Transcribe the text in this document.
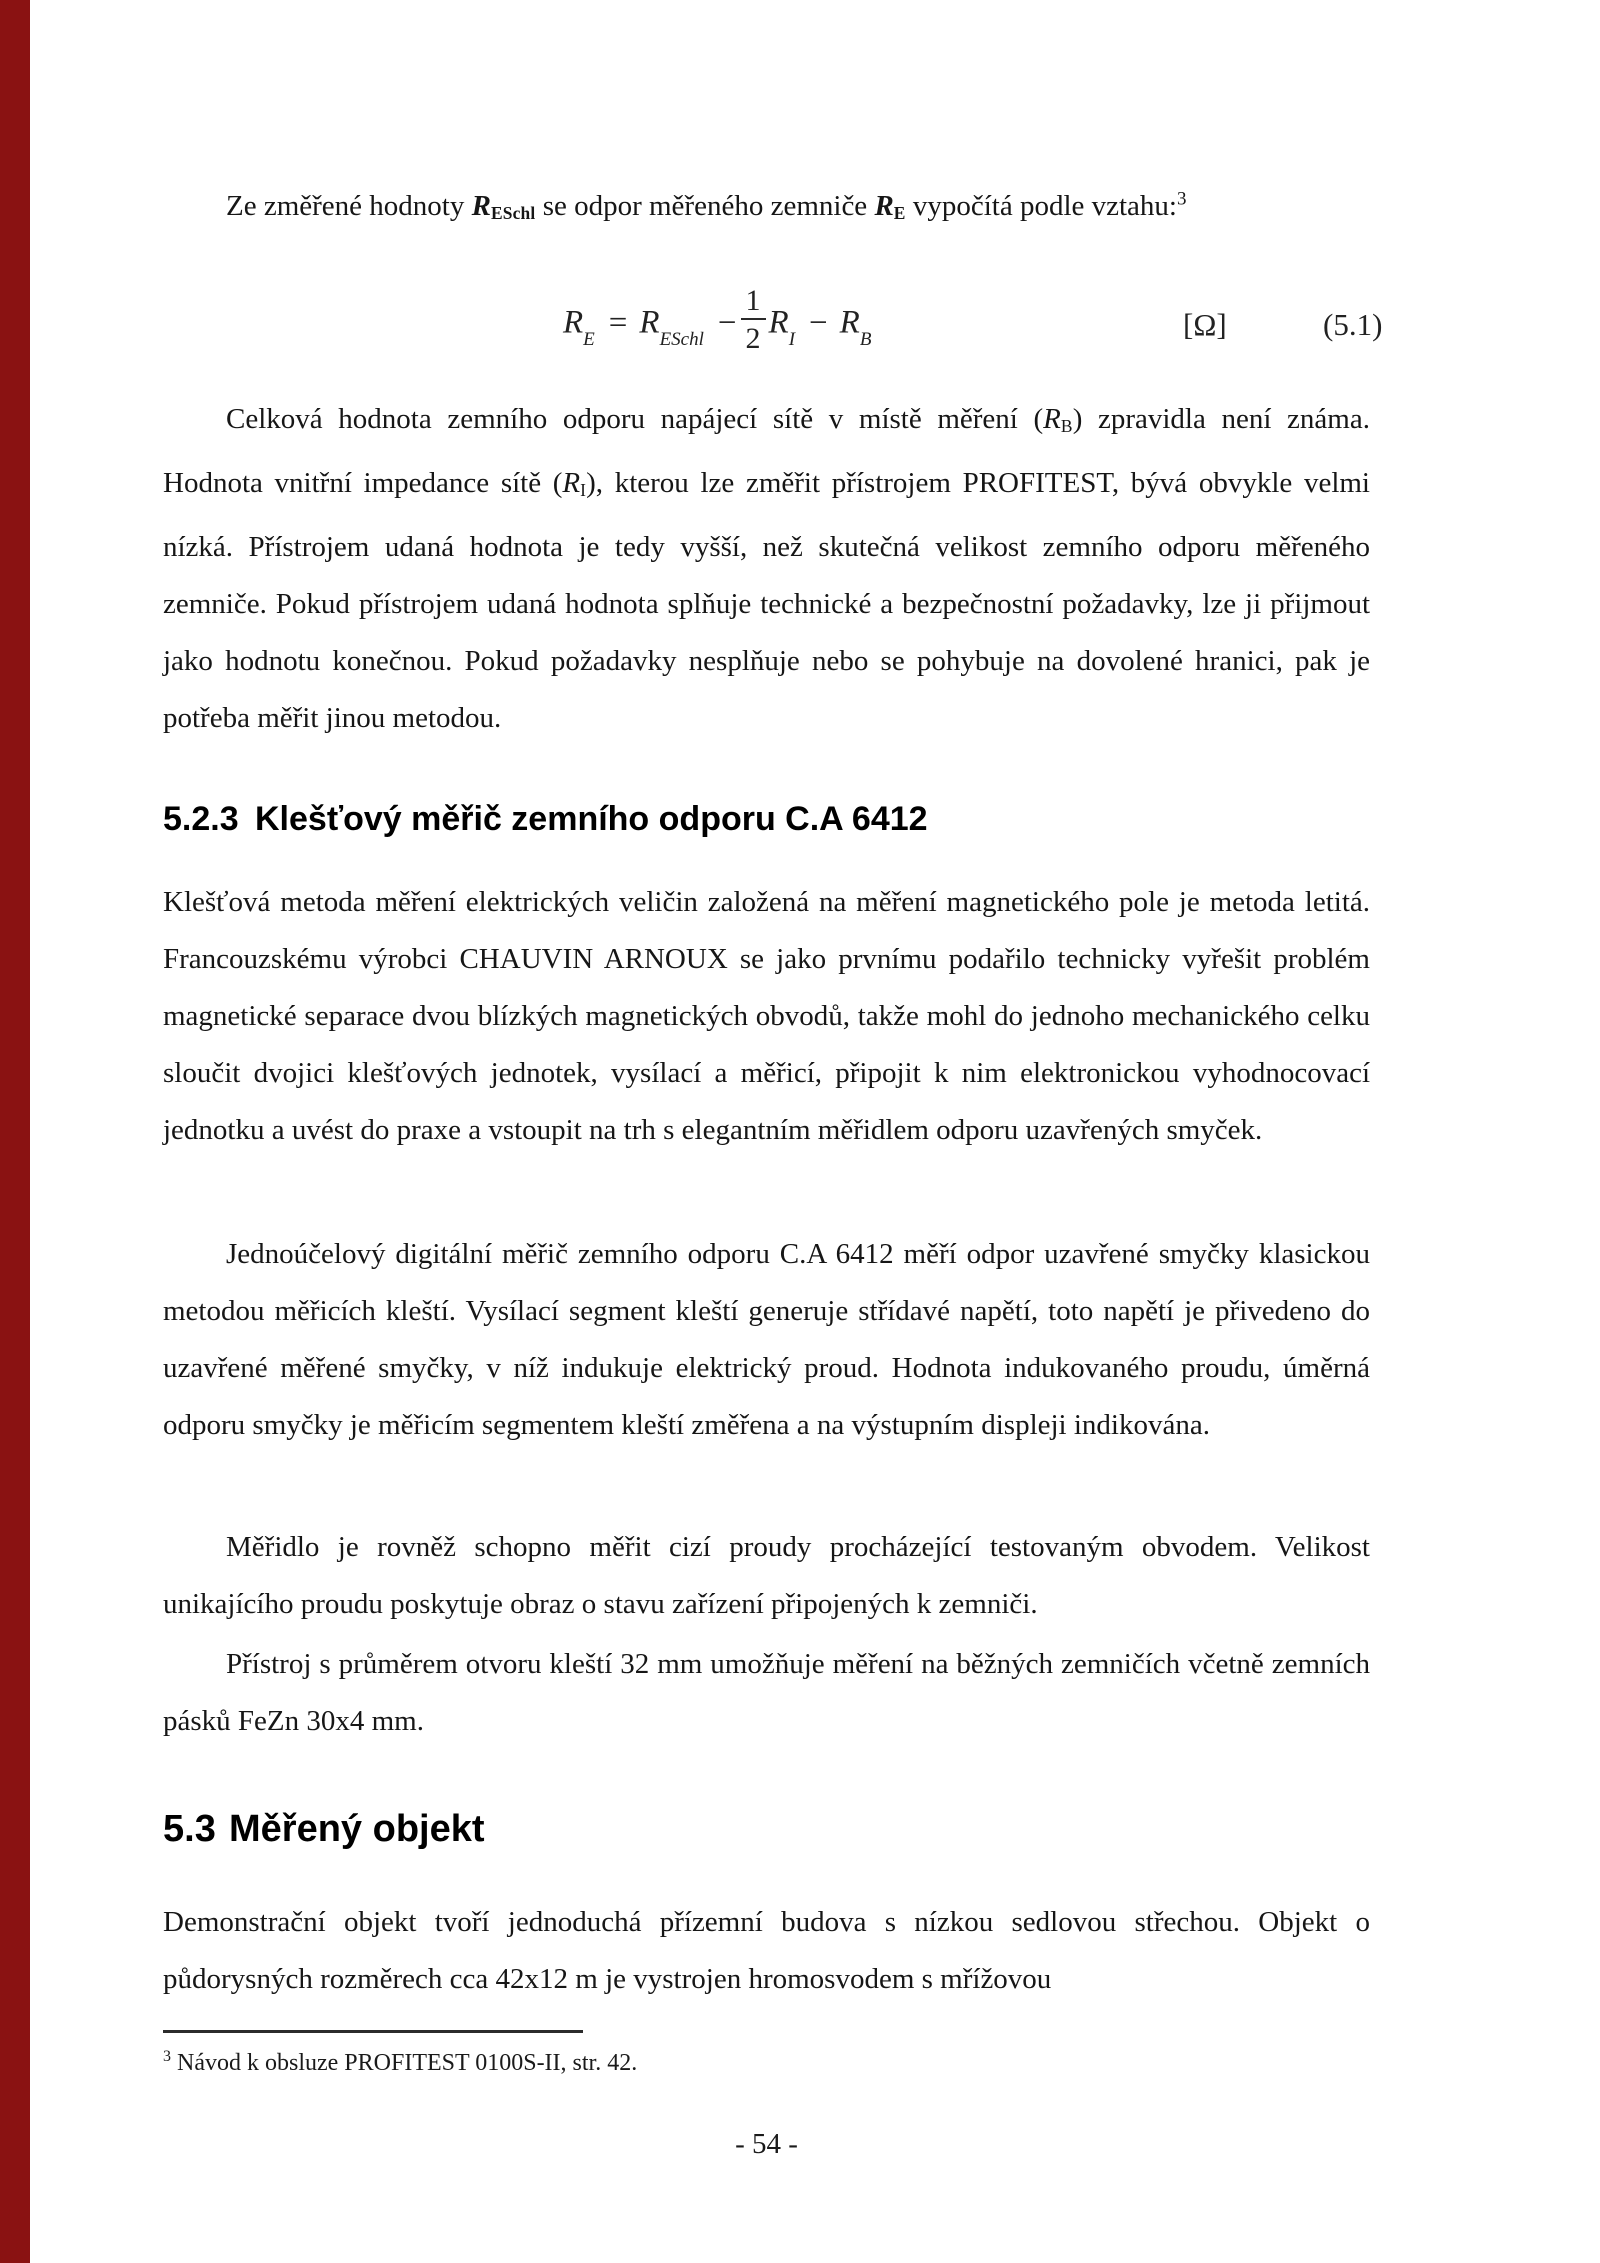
Ze změřené hodnoty RESchl se odpor měřeného zemniče RE vypočítá podle vztahu:$^3$

$R_E = R_{ESchl} - \frac{1}{2} R_I - R_B$	[Ω]	(5.1)

Celková hodnota zemního odporu napájecí sítě v místě měření (RB) zpravidla není známa. Hodnota vnitřní impedance sítě (RI), kterou lze změřit přístrojem PROFITEST, bývá obvykle velmi nízká. Přístrojem udaná hodnota je tedy vyšší, než skutečná velikost zemního odporu měřeného zemniče. Pokud přístrojem udaná hodnota splňuje technické a bezpečnostní požadavky, lze ji přijmout jako hodnotu konečnou. Pokud požadavky nesplňuje nebo se pohybuje na dovolené hranici, pak je potřeba měřit jinou metodou.

5.2.3 Klešťový měřič zemního odporu C.A 6412

Klešťová metoda měření elektrických veličin založená na měření magnetického pole je metoda letitá. Francouzskému výrobci CHAUVIN ARNOUX se jako prvnímu podařilo technicky vyřešit problém magnetické separace dvou blízkých magnetických obvodů, takže mohl do jednoho mechanického celku sloučit dvojici klešťových jednotek, vysílací a měřicí, připojit k nim elektronickou vyhodnocovací jednotku a uvést do praxe a vstoupit na trh s elegantním měřidlem odporu uzavřených smyček.

Jednoúčelový digitální měřič zemního odporu C.A 6412 měří odpor uzavřené smyčky klasickou metodou měřicích kleští. Vysílací segment kleští generuje střídavé napětí, toto napětí je přivedeno do uzavřené měřené smyčky, v níž indukuje elektrický proud. Hodnota indukovaného proudu, úměrná odporu smyčky je měřicím segmentem kleští změřena a na výstupním displeji indikována.

Měřidlo je rovněž schopno měřit cizí proudy procházející testovaným obvodem. Velikost unikajícího proudu poskytuje obraz o stavu zařízení připojených k zemniči.

Přístroj s průměrem otvoru kleští 32 mm umožňuje měření na běžných zemničích včetně zemních pásků FeZn 30x4 mm.

5.3 Měřený objekt

Demonstrační objekt tvoří jednoduchá přízemní budova s nízkou sedlovou střechou. Objekt o půdorysných rozměrech cca 42x12 m je vystrojen hromosvodem s mřížovou

$^3$ Návod k obsluze PROFITEST 0100S-II, str. 42.
- 54 -
